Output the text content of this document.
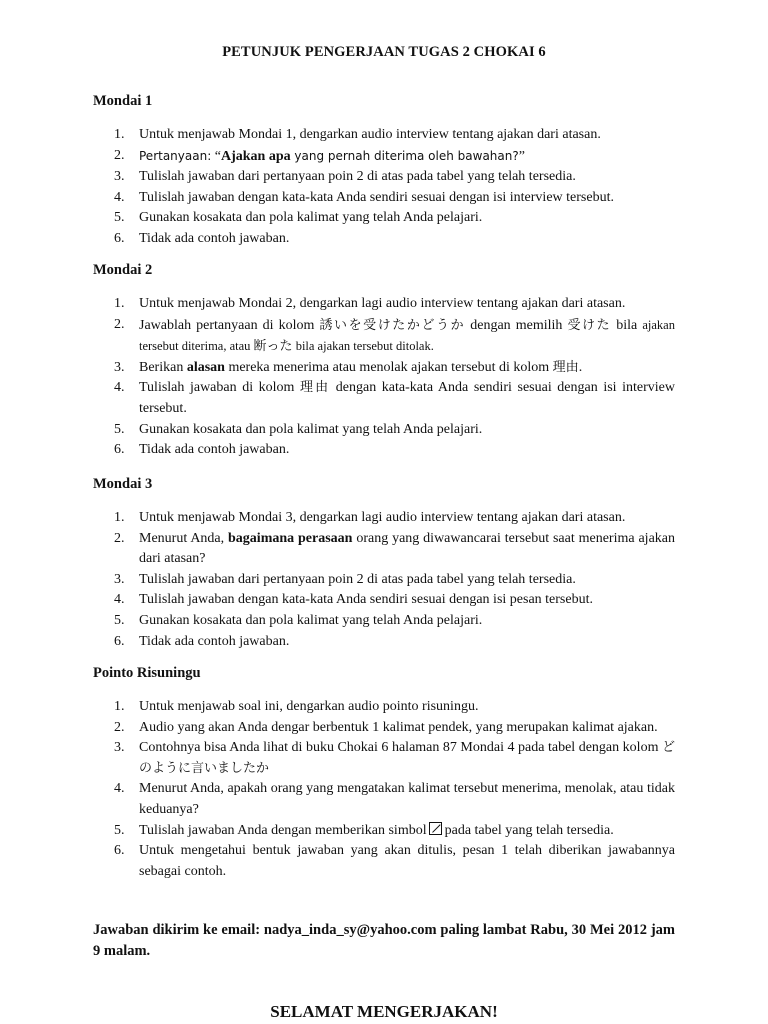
PETUNJUK PENGERJAAN TUGAS 2 CHOKAI 6
Mondai 1
1. Untuk menjawab Mondai 1, dengarkan audio interview tentang ajakan dari atasan.
2. Pertanyaan: “Ajakan apa yang pernah diterima oleh bawahan?”
3. Tulislah jawaban dari pertanyaan poin 2 di atas pada tabel yang telah tersedia.
4. Tulislah jawaban dengan kata-kata Anda sendiri sesuai dengan isi interview tersebut.
5. Gunakan kosakata dan pola kalimat yang telah Anda pelajari.
6. Tidak ada contoh jawaban.
Mondai 2
1. Untuk menjawab Mondai 2, dengarkan lagi audio interview tentang ajakan dari atasan.
2. Jawablah pertanyaan di kolom 誘いを受けたかどうか dengan memilih 受けた bila ajakan tersebut diterima, atau 断った bila ajakan tersebut ditolak.
3. Berikan alasan mereka menerima atau menolak ajakan tersebut di kolom 理由.
4. Tulislah jawaban di kolom 理由 dengan kata-kata Anda sendiri sesuai dengan isi interview tersebut.
5. Gunakan kosakata dan pola kalimat yang telah Anda pelajari.
6. Tidak ada contoh jawaban.
Mondai 3
1. Untuk menjawab Mondai 3, dengarkan lagi audio interview tentang ajakan dari atasan.
2. Menurut Anda, bagaimana perasaan orang yang diwawancarai tersebut saat menerima ajakan dari atasan?
3. Tulislah jawaban dari pertanyaan poin 2 di atas pada tabel yang telah tersedia.
4. Tulislah jawaban dengan kata-kata Anda sendiri sesuai dengan isi pesan tersebut.
5. Gunakan kosakata dan pola kalimat yang telah Anda pelajari.
6. Tidak ada contoh jawaban.
Pointo Risuningu
1. Untuk menjawab soal ini, dengarkan audio pointo risuningu.
2. Audio yang akan Anda dengar berbentuk 1 kalimat pendek, yang merupakan kalimat ajakan.
3. Contohnya bisa Anda lihat di buku Chokai 6 halaman 87 Mondai 4 pada tabel dengan kolom どのように言いましたか
4. Menurut Anda, apakah orang yang mengatakan kalimat tersebut menerima, menolak, atau tidak keduanya?
5. Tulislah jawaban Anda dengan memberikan simbol pada tabel yang telah tersedia.
6. Untuk mengetahui bentuk jawaban yang akan ditulis, pesan 1 telah diberikan jawabannya sebagai contoh.
Jawaban dikirim ke email: nadya_inda_sy@yahoo.com paling lambat Rabu, 30 Mei 2012 jam 9 malam.
SELAMAT MENGERJAKAN!
